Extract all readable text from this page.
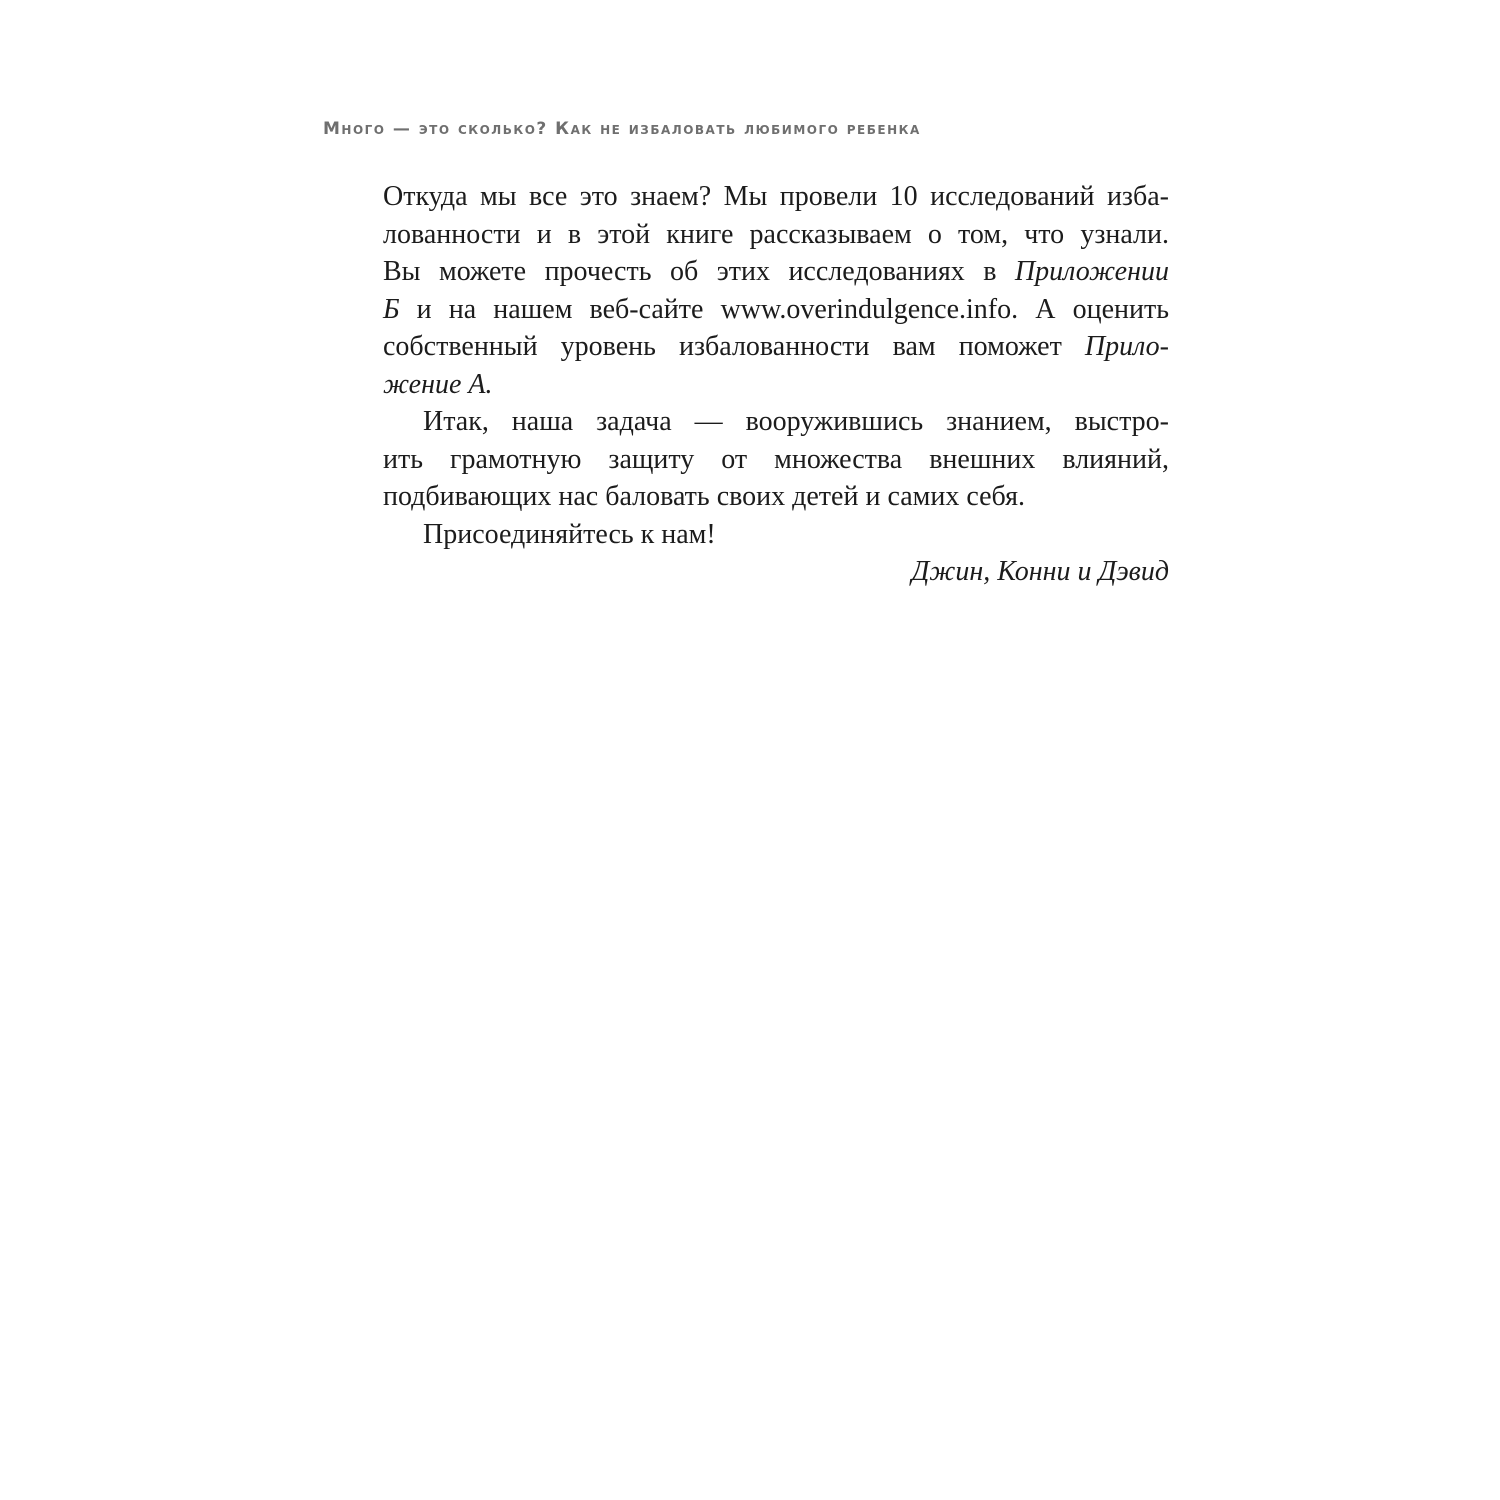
Много — это сколько? Как не избаловать любимого ребенка
Откуда мы все это знаем? Мы провели 10 исследований изба-
лованности и в этой книге рассказываем о том, что узнали.
Вы можете прочесть об этих исследованиях в Приложении
Б и на нашем веб-сайте www.overindulgence.info. А оценить
собственный уровень избалованности вам поможет Прило-
жение А.
Итак, наша задача — вооружившись знанием, выстро-
ить грамотную защиту от множества внешних влияний,
подбивающих нас баловать своих детей и самих себя.
Присоединяйтесь к нам!
Джин, Конни и Дэвид
